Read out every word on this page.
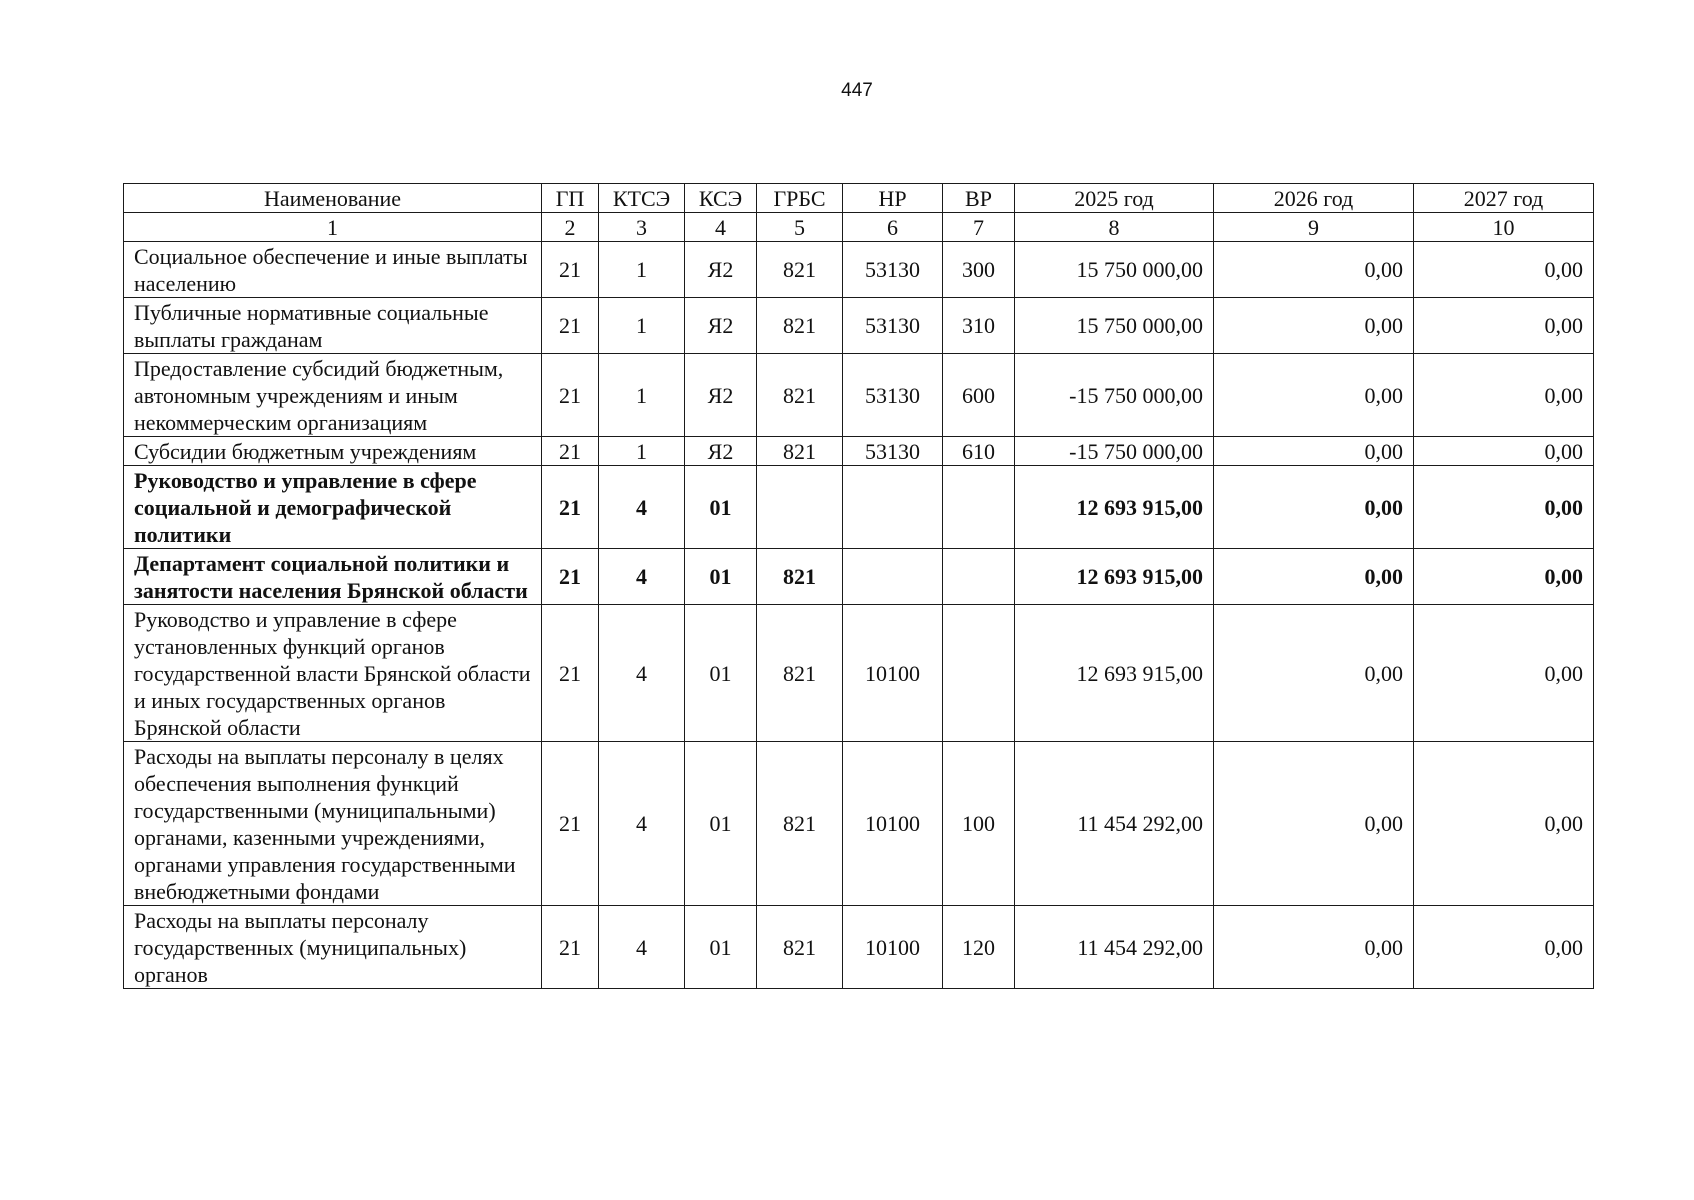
447
Наименование	ГП	КТСЭ	КСЭ	ГРБС	НР	ВР	2025 год	2026 год	2027 год
1	2	3	4	5	6	7	8	9	10
Социальное обеспечение и иные выплаты населению	21	1	Я2	821	53130	300	15 750 000,00	0,00	0,00
Публичные нормативные социальные выплаты гражданам	21	1	Я2	821	53130	310	15 750 000,00	0,00	0,00
Предоставление субсидий бюджетным, автономным учреждениям и иным некоммерческим организациям	21	1	Я2	821	53130	600	-15 750 000,00	0,00	0,00
Субсидии бюджетным учреждениям	21	1	Я2	821	53130	610	-15 750 000,00	0,00	0,00
Руководство и управление в сфере социальной и демографической политики	21	4	01				12 693 915,00	0,00	0,00
Департамент социальной политики и занятости населения Брянской области	21	4	01	821			12 693 915,00	0,00	0,00
Руководство и управление в сфере установленных функций органов государственной власти Брянской области и иных государственных органов Брянской области	21	4	01	821	10100		12 693 915,00	0,00	0,00
Расходы на выплаты персоналу в целях обеспечения выполнения функций государственными (муниципальными) органами, казенными учреждениями, органами управления государственными внебюджетными фондами	21	4	01	821	10100	100	11 454 292,00	0,00	0,00
Расходы на выплаты персоналу государственных (муниципальных) органов	21	4	01	821	10100	120	11 454 292,00	0,00	0,00
